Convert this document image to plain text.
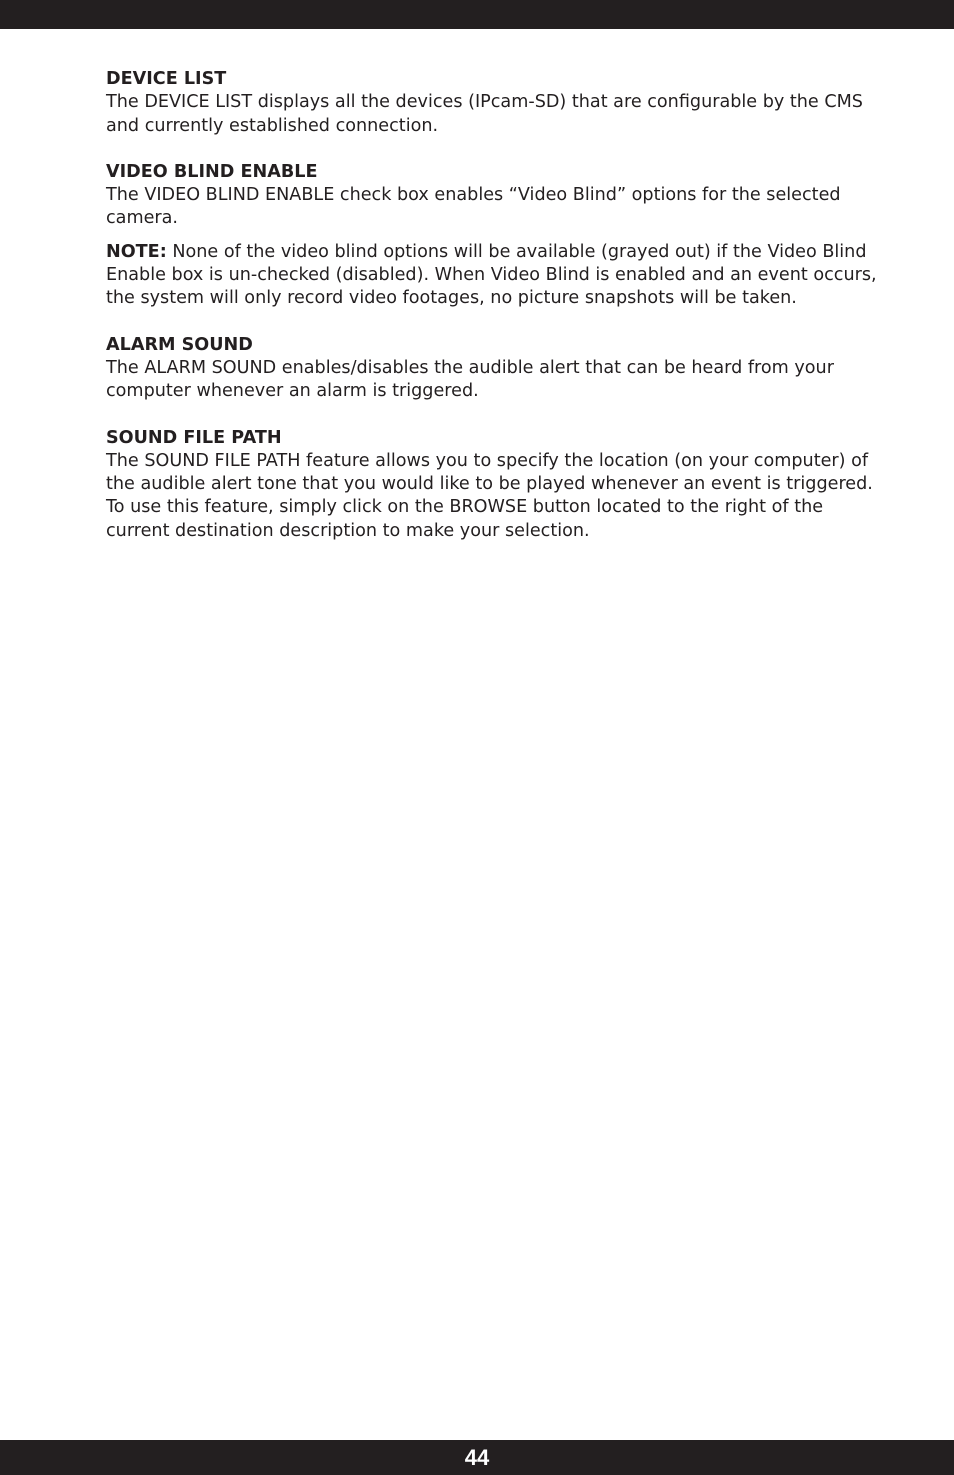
DEVICE LIST

The DEVICE LIST displays all the devices (IPcam-SD) that are configurable by the CMS and currently established connection.

VIDEO BLIND ENABLE

The VIDEO BLIND ENABLE check box enables “Video Blind” options for the selected camera.

NOTE: None of the video blind options will be available (grayed out) if the Video Blind Enable box is un-checked (disabled). When Video Blind is enabled and an event occurs, the system will only record video footages, no picture snapshots will be taken.

ALARM SOUND

The ALARM SOUND enables/disables the audible alert that can be heard from your computer whenever an alarm is triggered.

SOUND FILE PATH

The SOUND FILE PATH feature allows you to specify the location (on your computer) of the audible alert tone that you would like to be played whenever an event is triggered. To use this feature, simply click on the BROWSE button located to the right of the current destination description to make your selection.

44
